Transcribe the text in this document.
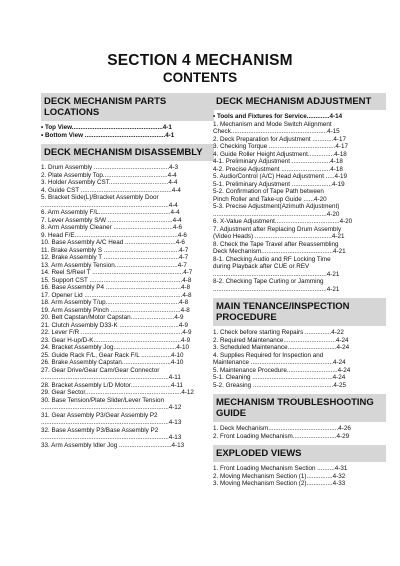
SECTION 4 MECHANISM
CONTENTS
DECK MECHANISM PARTS LOCATIONS
• Top View....................................................4-1
• Bottom View ..............................................4-1
DECK MECHANISM DISASSEMBLY
1. Drum Assembly ...........................................4-3
2. Plate Assembly Top.....................................4-4
3. Holder Assembly CST..................................4-4
4. Guide CST ....................................................4-4
5. Bracket Side(L)/Bracket Assembly Door
.........................................................................4-4
6. Arm Assembly F/L.........................................4-4
7. Lever Assembly S/W .....................................4-4
8. Arm Assembly Cleaner ..................................4-6
9. Head F/E...........................................................4-6
10. Base Assembly A/C Head .............................4-6
11. Brake Assembly S ...........................................4-7
12. Brake Assembly T ...........................................4-7
13. Arm Assembly Tension....................................4-7
14. Reel S/Reel T ....................................................4-7
15. Support CST .....................................................4-8
16. Base Assembly P4 ...........................................4-8
17. Opener Lid ........................................................4-8
18. Arm Assembly T/up..........................................4-8
19. Arm Assembly Pinch ........................................4-8
20. Belt Capstan/Motor Capstan.........................4-9
21. Clutch Assembly D33-K ..................................4-9
22. Lever F/R ..........................................................4-9
23. Gear H-up/D-K..................................................4-9
24. Bracket Assembly Jog....................................4-10
25. Guide Rack F/L, Gear Rack F/L .................4-10
26. Brake Assembly Capstan............................4-10
27. Gear Drive/Gear Cam/Gear Connector
.........................................................................4-11
28. Bracket Assembly L/D Motor.......................4-11
29. Gear Sector.......................................................4-12
30. Base Tension/Plate Slider/Lever Tension
.........................................................................4-12
31. Gear Assembly P3/Gear Assembly P2
.........................................................................4-13
32. Base Assembly P3/Base Assembly P2
.........................................................................4-13
33. Arm Assembly Idler Jog ..............................4-13
DECK MECHANISM ADJUSTMENT
• Tools and Fixtures for Service.............4-14
1. Mechanism and Mode Switch Alignment
Check.......................................................4-15
2. Deck Preparation for Adjustment ............4-17
3. Checking Torque ......................................4-17
4. Guide Roller Height Adjustment...............4-18
4-1. Preliminary Adjustment ......................4-18
4-2. Precise Adjustment ............................4-18
5. Audio/Control (A/C) Head Adjustment .....4-19
5-1. Preliminary Adjustment .......................4-19
5-2. Confirmation of Tape Path between
Pinch Roller and Take-up Guide ......4-20
5-3. Precise Adjustment(Azimuth Adjustment)
.................................................................4-20
6. X-Value Adjustment.....................................4-20
7. Adjustment after Replacing Drum Assembly
(Video Heads) ............................................4-21
8. Check the Tape Travel after Reassembling
Deck Mechanism.........................................4-21
8-1. Checking Audio and RF Locking Time
during Playback after CUE or REV
.................................................................4-21
8-2. Checking Tape Curling or Jamming
.................................................................4-21
MAIN TENANCE/INSPECTION PROCEDURE
1. Check before starting Repairs ...............4-22
2. Required Maintenance..............................4-24
3. Scheduled Maintenance............................4-24
4. Supplies Required for Inspection and
Maintenance ...............................................4-24
5. Maintenance Procedure.............................4-24
5-1. Cleaning ..............................................4-24
5-2. Greasing ..............................................4-25
MECHANISM TROUBLESHOOTING GUIDE
1. Deck Mechanism........................................4-26
2. Front Loading Mechanism.........................4-29
EXPLODED VIEWS
1. Front Loading Mechanism Section ..........4-31
2. Moving Mechanism Section (1)...............4-32
3. Moving Mechanism Section (2)...............4-33
